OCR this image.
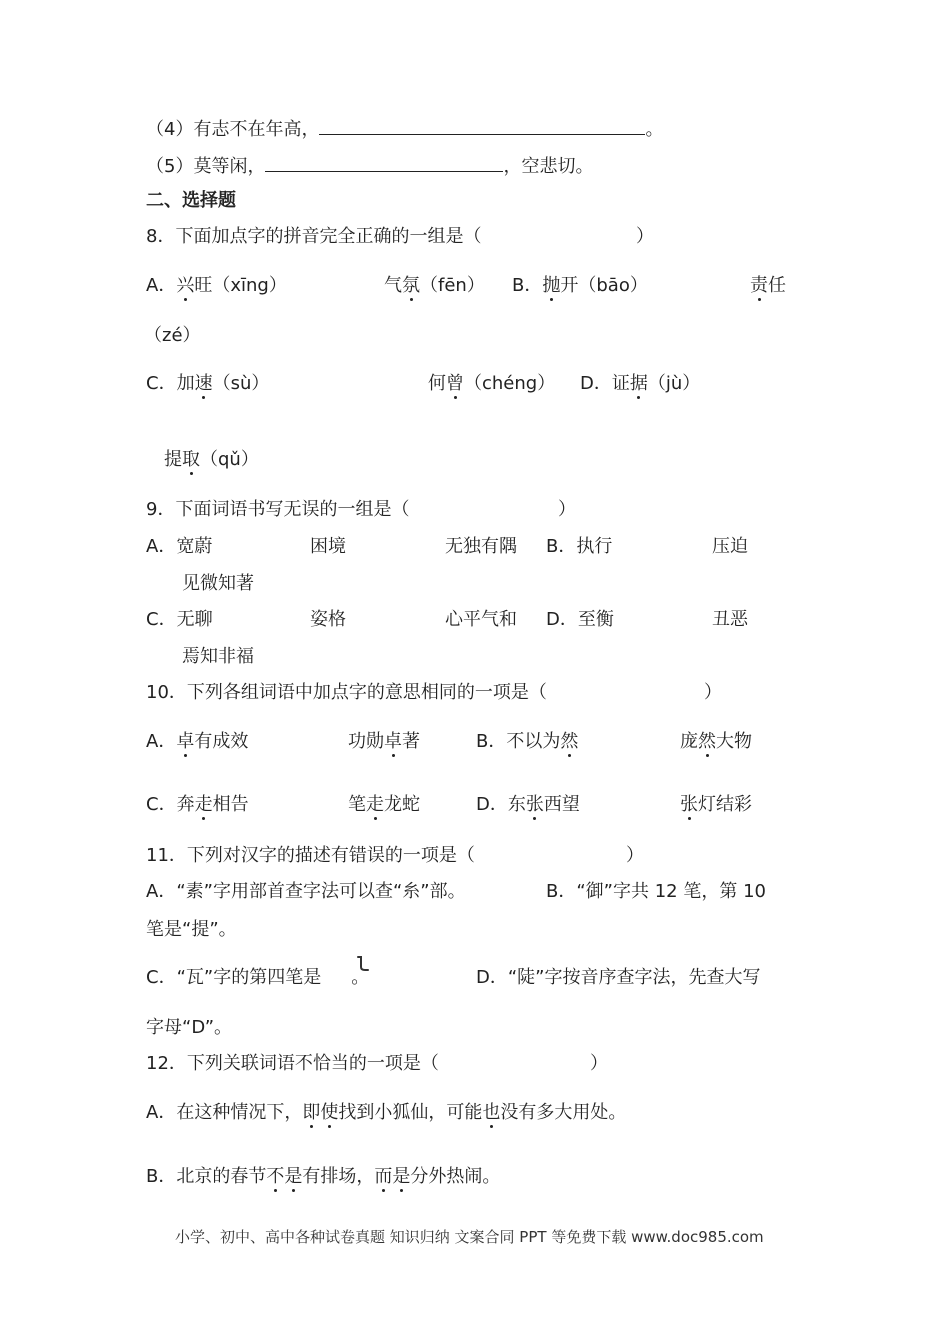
（4）有志不在年高，	。
（5）莫等闲，	，空悲切。
二、选择题
8．下面加点字的拼音完全正确的一组是（	）
A．兴旺（xīng）	气氛（fēn） B．抛开（bāo）	责任
（zé）
C．加速（sù）	何曾（chéng） D．证据（jù）
提取（qǔ）
9．下面词语书写无误的一组是（	）
A．宽蔚	困境	无独有隅 B．执行	压迫
见微知著
C．无聊	姿格	心平气和 D．至衡	丑恶
焉知非福
10．下列各组词语中加点字的意思相同的一项是（	）
A．卓有成效	功勋卓著	B．不以为然	庞然大物
C．奔走相告	笔走龙蛇	D．东张西望	张灯结彩
11．下列对汉字的描述有错误的一项是（	）
A．“素”字用部首查字法可以查“糸”部。	B．“御”字共 12 笔，第 10
笔是“提”。
C．“瓦”字的第四笔是 。	D．“陡”字按音序查字法，先查大写
字母“D”。
12．下列关联词语不恰当的一项是（	）
A．在这种情况下，即使找到小狐仙，可能也没有多大用处。
B．北京的春节不是有排场，而是分外热闹。
小学、初中、高中各种试卷真题 知识归纳 文案合同 PPT 等免费下载 www.doc985.com
